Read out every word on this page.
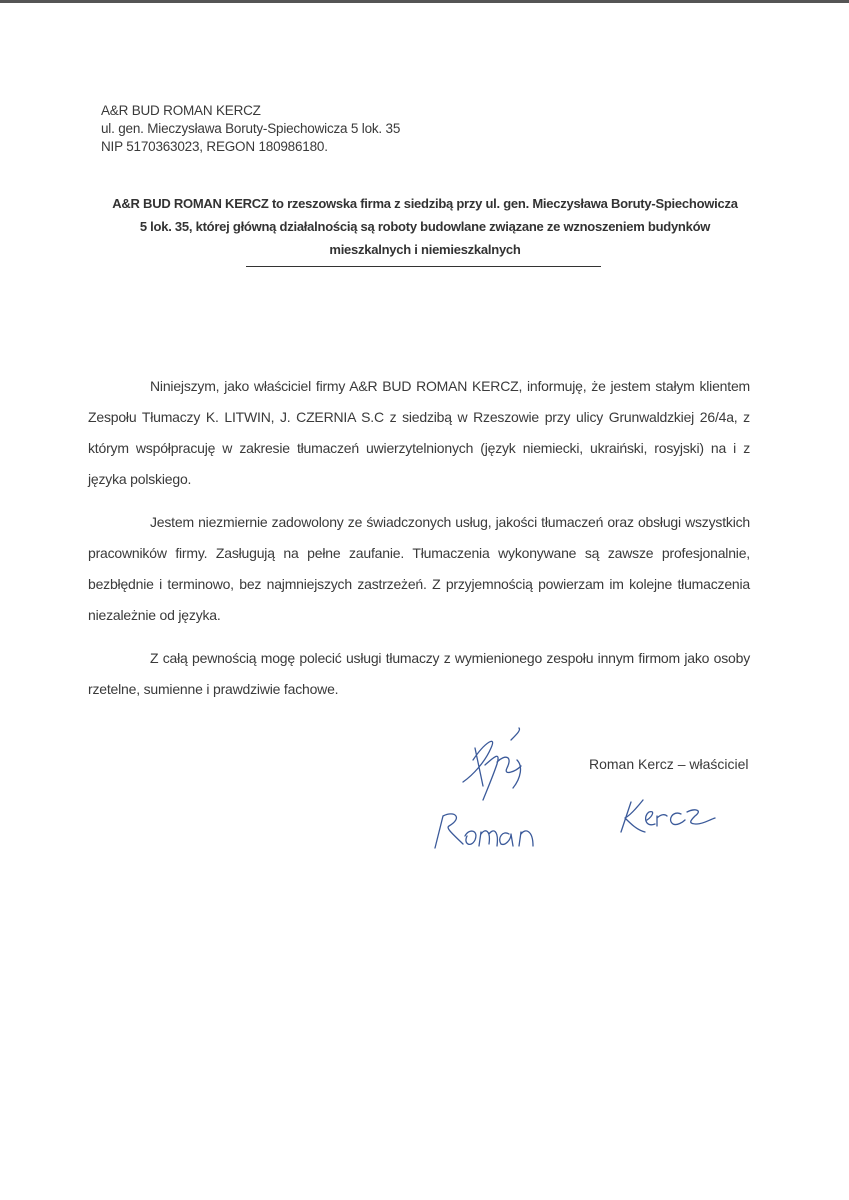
A&R BUD ROMAN KERCZ
ul. gen. Mieczysława Boruty-Spiechowicza 5 lok. 35
NIP 5170363023, REGON 180986180.
A&R BUD ROMAN KERCZ to rzeszowska firma z siedzibą przy ul. gen. Mieczysława Boruty-Spiechowicza
5 lok. 35, której główną działalnością są roboty budowlane związane ze wznoszeniem budynków
mieszkalnych i niemieszkalnych

Niniejszym, jako właściciel firmy A&R BUD ROMAN KERCZ, informuję, że jestem stałym klientem Zespołu Tłumaczy K. LITWIN, J. CZERNIA S.C z siedzibą w Rzeszowie przy ulicy Grunwaldzkiej 26/4a, z którym współpracuję w zakresie tłumaczeń uwierzytelnionych (język niemiecki, ukraiński, rosyjski) na i z języka polskiego.

Jestem niezmiernie zadowolony ze świadczonych usług, jakości tłumaczeń oraz obsługi wszystkich pracowników firmy. Zasługują na pełne zaufanie. Tłumaczenia wykonywane są zawsze profesjonalnie, bezbłędnie i terminowo, bez najmniejszych zastrzeżeń. Z przyjemnością powierzam im kolejne tłumaczenia niezależnie od języka.

Z całą pewnością mogę polecić usługi tłumaczy z wymienionego zespołu innym firmom jako osoby rzetelne, sumienne i prawdziwie fachowe.

Roman Kercz – właściciel
